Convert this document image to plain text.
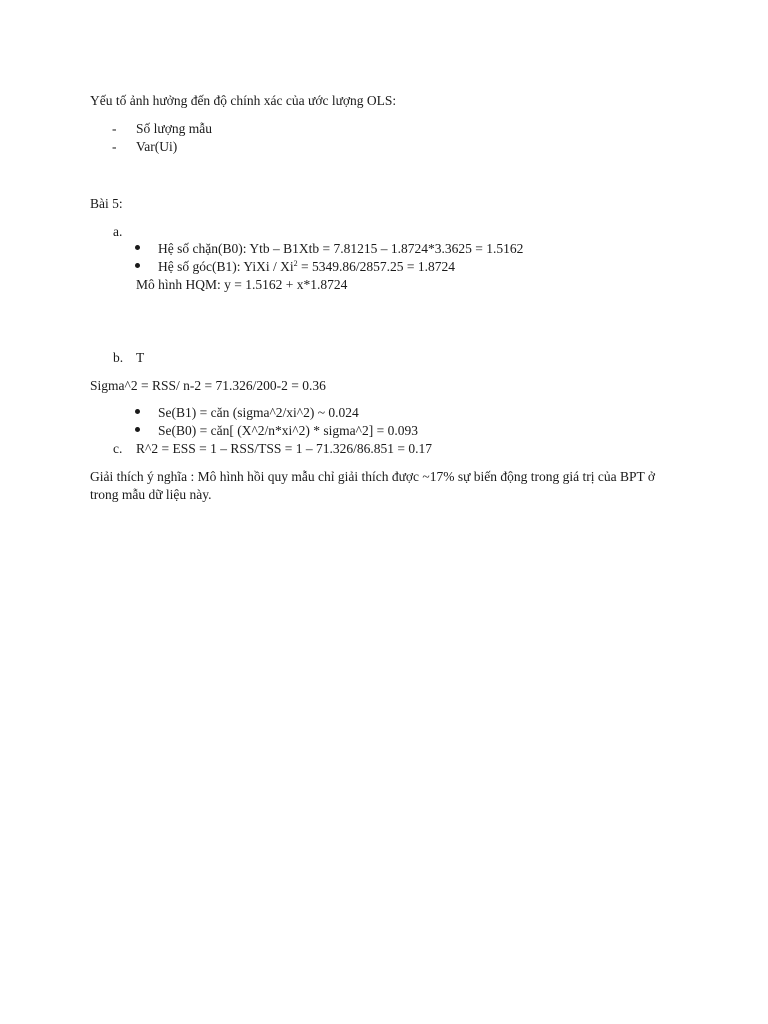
Yếu tố ảnh hưởng đến độ chính xác của ước lượng OLS:
- Số lượng mẫu
- Var(Ui)
Bài 5:
a.
Hệ số chặn(B0): Ytb – B1Xtb = 7.81215 – 1.8724*3.3625 = 1.5162
Hệ số góc(B1): YiXi / $Xi^2 = 5349.86/2857.25 = 1.8724$
Mô hình HQM: y = 1.5162 + x*1.8724
b. T
Sigma^2 = RSS/ n-2 = 71.326/200-2 = 0.36
Se(B1) = căn (sigma^2/xi^2) ~ 0.024
Se(B0) = căn[ (X^2/n*xi^2) * sigma^2] = 0.093
c. R^2 = ESS = 1 – RSS/TSS = 1 – 71.326/86.851 = 0.17
Giải thích ý nghĩa : Mô hình hồi quy mẫu chỉ giải thích được ~17% sự biến động trong giá trị của BPT ở
trong mẫu dữ liệu này.
